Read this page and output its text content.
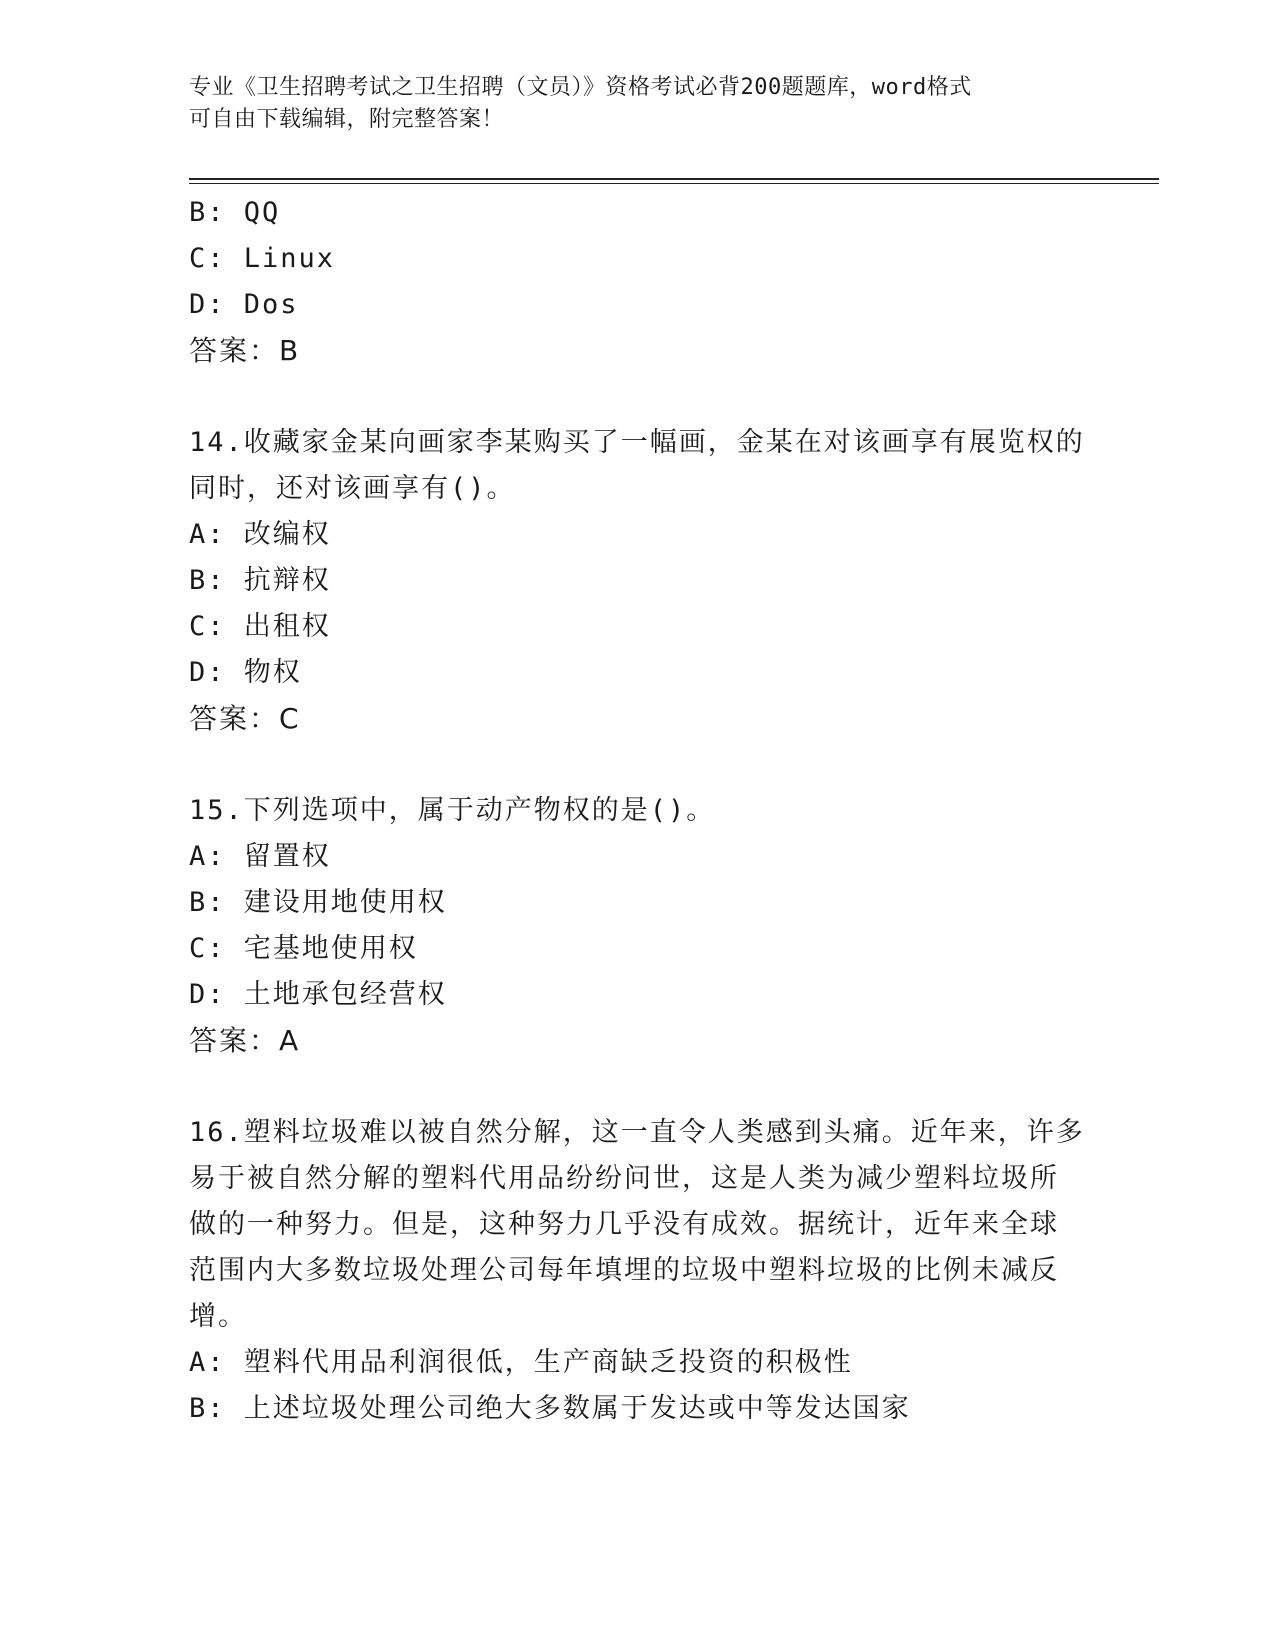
专业《卫生招聘考试之卫生招聘（文员）》资格考试必背200题题库，word格式
可自由下载编辑，附完整答案！
B: QQ
C: Linux
D: Dos
答案：B
14.收藏家金某向画家李某购买了一幅画，金某在对该画享有展览权的
同时，还对该画享有()。
A: 改编权
B: 抗辩权
C: 出租权
D: 物权
答案：C
15.下列选项中，属于动产物权的是()。
A: 留置权
B: 建设用地使用权
C: 宅基地使用权
D: 土地承包经营权
答案：A
16.塑料垃圾难以被自然分解，这一直令人类感到头痛。近年来，许多
易于被自然分解的塑料代用品纷纷问世，这是人类为减少塑料垃圾所
做的一种努力。但是，这种努力几乎没有成效。据统计，近年来全球
范围内大多数垃圾处理公司每年填埋的垃圾中塑料垃圾的比例未减反
增。
A: 塑料代用品利润很低，生产商缺乏投资的积极性
B: 上述垃圾处理公司绝大多数属于发达或中等发达国家
